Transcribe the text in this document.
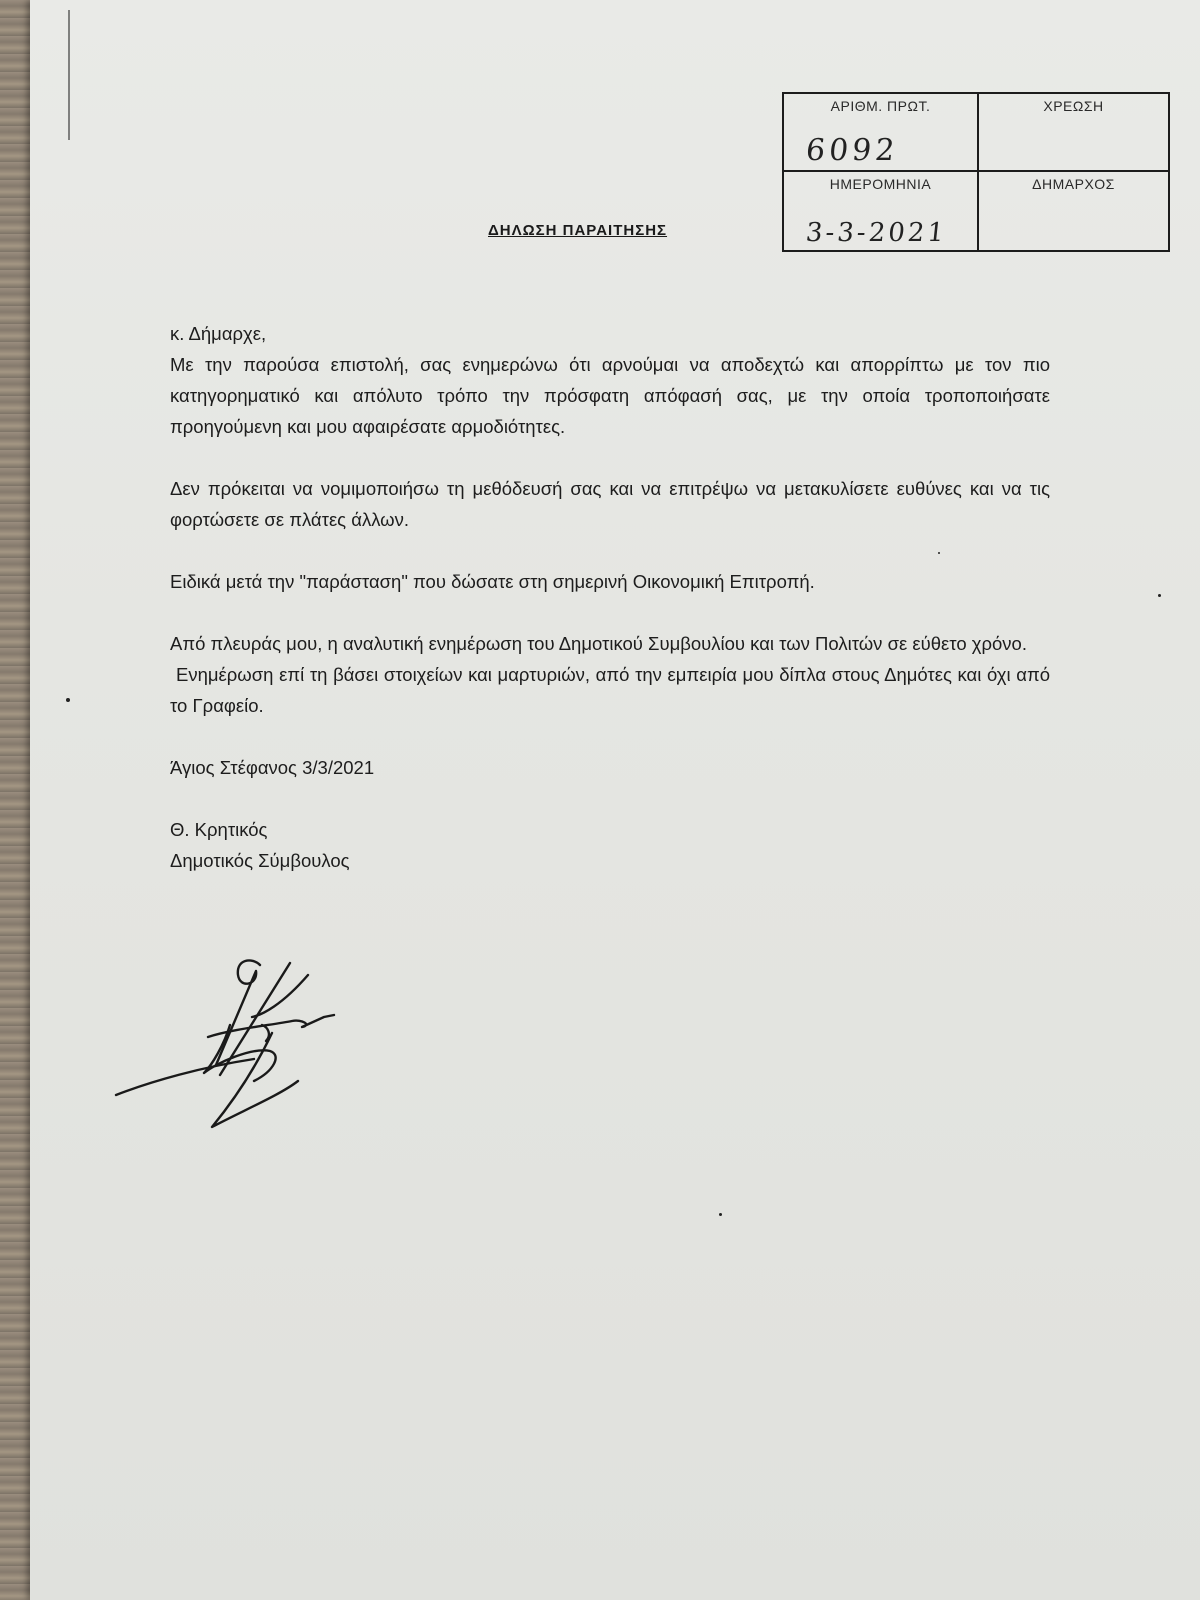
ΑΡΙΘΜ. ΠΡΩΤ.
6092
ΧΡΕΩΣΗ
ΗΜΕΡΟΜΗΝΙΑ
3-3-2021
ΔΗΜΑΡΧΟΣ
ΔΗΛΩΣΗ ΠΑΡΑΙΤΗΣΗΣ
κ. Δήμαρχε,

Με την παρούσα επιστολή, σας ενημερώνω ότι αρνούμαι να αποδεχτώ και απορρίπτω με τον πιο κατηγορηματικό και απόλυτο τρόπο την πρόσφατη απόφασή σας, με την οποία τροποποιήσατε προηγούμενη και μου αφαιρέσατε αρμοδιότητες.

Δεν πρόκειται να νομιμοποιήσω τη μεθόδευσή σας και να επιτρέψω να μετακυλίσετε ευθύνες και να τις φορτώσετε σε πλάτες άλλων.

Ειδικά μετά την "παράσταση" που δώσατε στη σημερινή Οικονομική Επιτροπή.

Από πλευράς μου, η αναλυτική ενημέρωση του Δημοτικού Συμβουλίου και των Πολιτών σε εύθετο χρόνο.

Ενημέρωση επί τη βάσει στοιχείων και μαρτυριών, από την εμπειρία μου δίπλα στους Δημότες και όχι από το Γραφείο.

Άγιος Στέφανος 3/3/2021
Θ. Κρητικός
Δημοτικός Σύμβουλος
